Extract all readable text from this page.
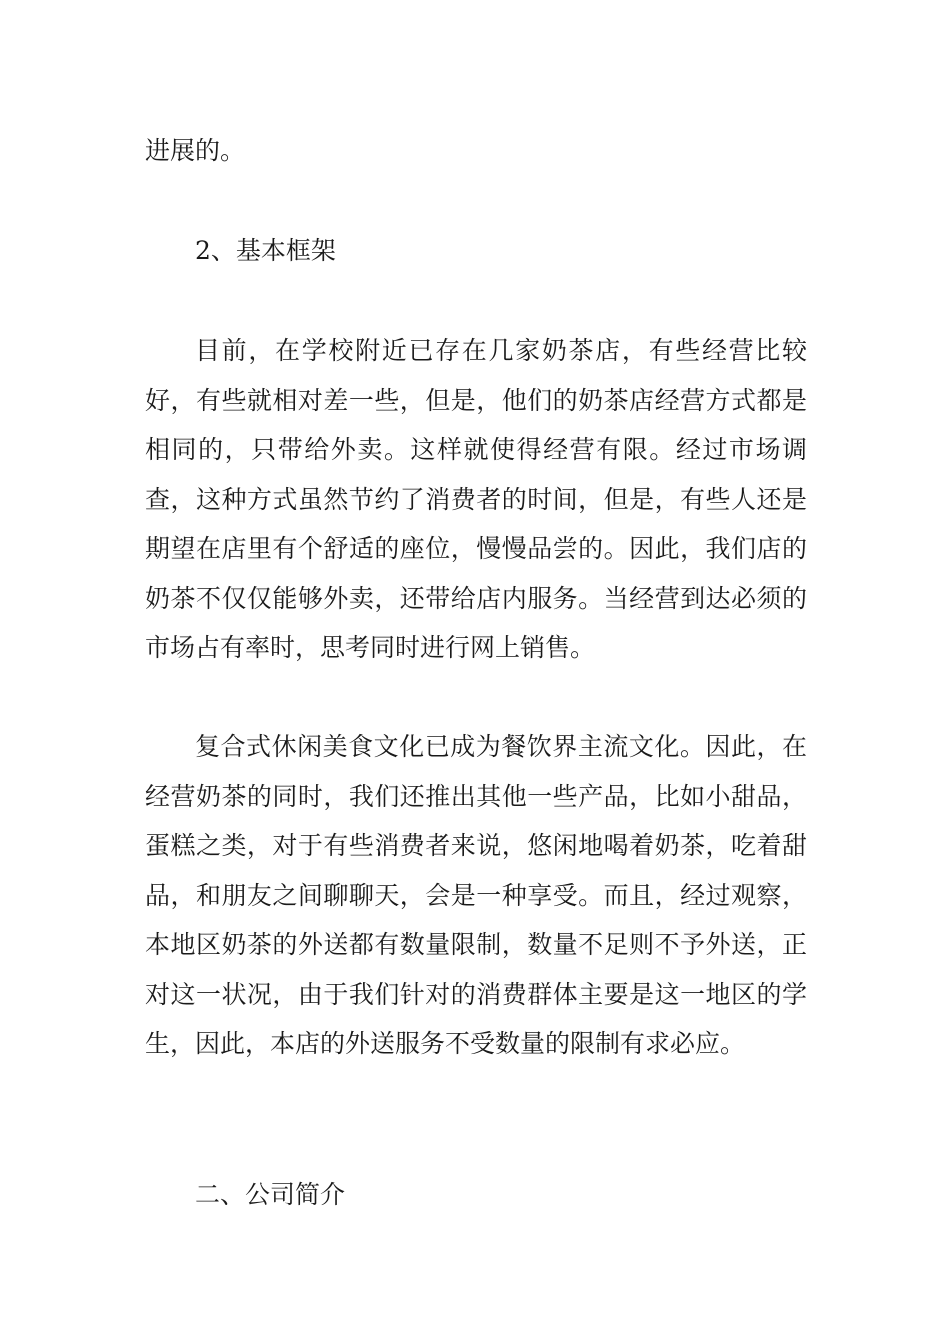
进展的。

2、基本框架

目前，在学校附近已存在几家奶茶店，有些经营比较好，有些就相对差一些，但是，他们的奶茶店经营方式都是相同的，只带给外卖。这样就使得经营有限。经过市场调查，这种方式虽然节约了消费者的时间，但是，有些人还是期望在店里有个舒适的座位，慢慢品尝的。因此，我们店的奶茶不仅仅能够外卖，还带给店内服务。当经营到达必须的市场占有率时，思考同时进行网上销售。

复合式休闲美食文化已成为餐饮界主流文化。因此，在经营奶茶的同时，我们还推出其他一些产品，比如小甜品，蛋糕之类，对于有些消费者来说，悠闲地喝着奶茶，吃着甜品，和朋友之间聊聊天，会是一种享受。而且，经过观察，本地区奶茶的外送都有数量限制，数量不足则不予外送，正对这一状况，由于我们针对的消费群体主要是这一地区的学生，因此，本店的外送服务不受数量的限制有求必应。

二、公司简介
